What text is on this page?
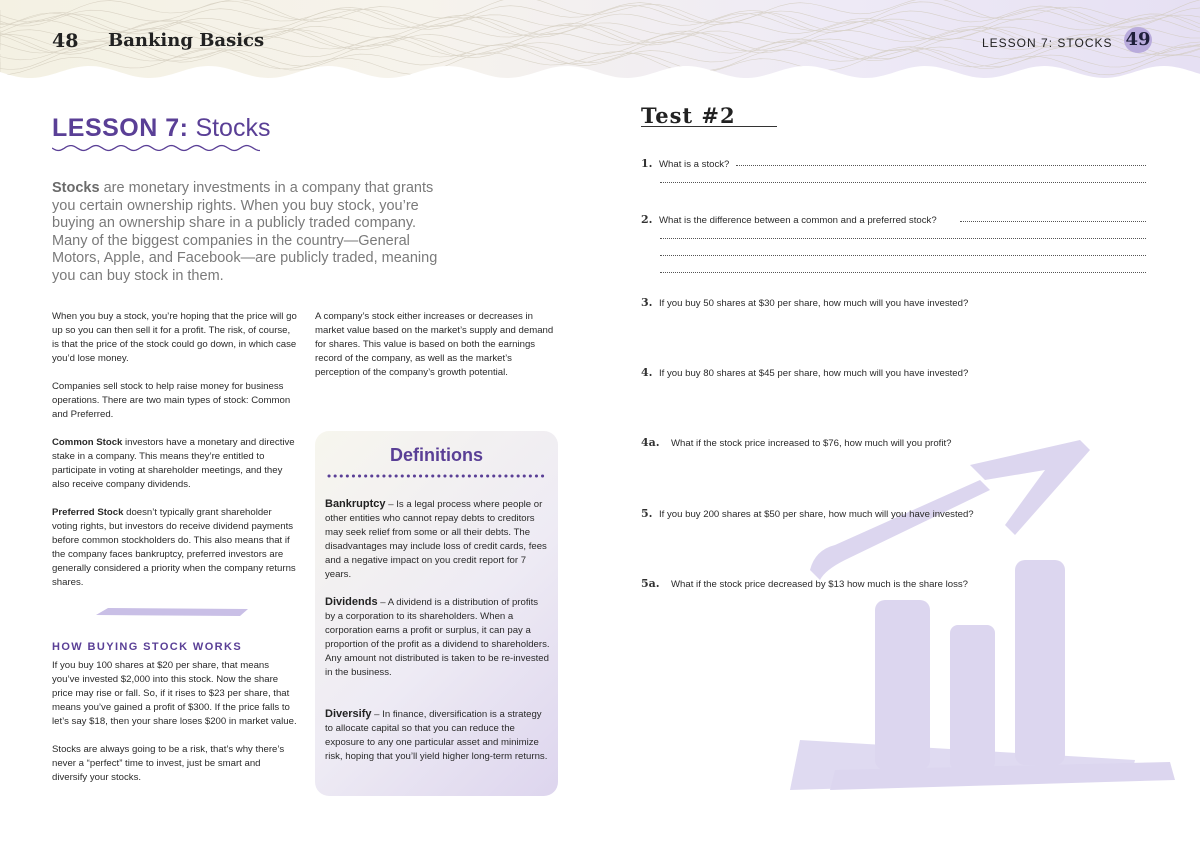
48 Banking Basics	LESSON 7: STOCKS 49
LESSON 7: Stocks
Stocks are monetary investments in a company that grants you certain ownership rights. When you buy stock, you’re buying an ownership share in a publicly traded company. Many of the biggest companies in the country—General Motors, Apple, and Facebook—are publicly traded, meaning you can buy stock in them.

When you buy a stock, you’re hoping that the price will go up so you can then sell it for a profit. The risk, of course, is that the price of the stock could go down, in which case you’d lose money.

Companies sell stock to help raise money for business operations. There are two main types of stock: Common and Preferred.

Common Stock investors have a monetary and directive stake in a company. This means they’re entitled to participate in voting at shareholder meetings, and they also receive company dividends.

Preferred Stock doesn’t typically grant shareholder voting rights, but investors do receive dividend payments before common stockholders do. This also means that if the company faces bankruptcy, preferred investors are generally considered a priority when the company returns shares.

A company’s stock either increases or decreases in market value based on the market’s supply and demand for shares. This value is based on both the earnings record of the company, as well as the market’s perception of the company’s growth potential.

HOW BUYING STOCK WORKS

If you buy 100 shares at $20 per share, that means you’ve invested $2,000 into this stock. Now the share price may rise or fall. So, if it rises to $23 per share, that means you’ve gained a profit of $300. If the price falls to let’s say $18, then your share loses $200 in market value.

Stocks are always going to be a risk, that’s why there’s never a “perfect” time to invest, just be smart and diversify your stocks.

Definitions
Bankruptcy – Is a legal process where people or other entities who cannot repay debts to creditors may seek relief from some or all their debts. The disadvantages may include loss of credit cards, fees and a negative impact on you credit report for 7 years.
Dividends – A dividend is a distribution of profits by a corporation to its shareholders. When a corporation earns a profit or surplus, it can pay a proportion of the profit as a dividend to shareholders. Any amount not distributed is taken to be re-invested in the business.
Diversify – In finance, diversification is a strategy to allocate capital so that you can reduce the exposure to any one particular asset and minimize risk, hoping that you’ll yield higher long-term returns.
Test #2
1. What is a stock?
2. What is the difference between a common and a preferred stock?
3. If you buy 50 shares at $30 per share, how much will you have invested?
4. If you buy 80 shares at $45 per share, how much will you have invested?
4a. What if the stock price increased to $76, how much will you profit?
5. If you buy 200 shares at $50 per share, how much will you have invested?
5a. What if the stock price decreased by $13 how much is the share loss?
